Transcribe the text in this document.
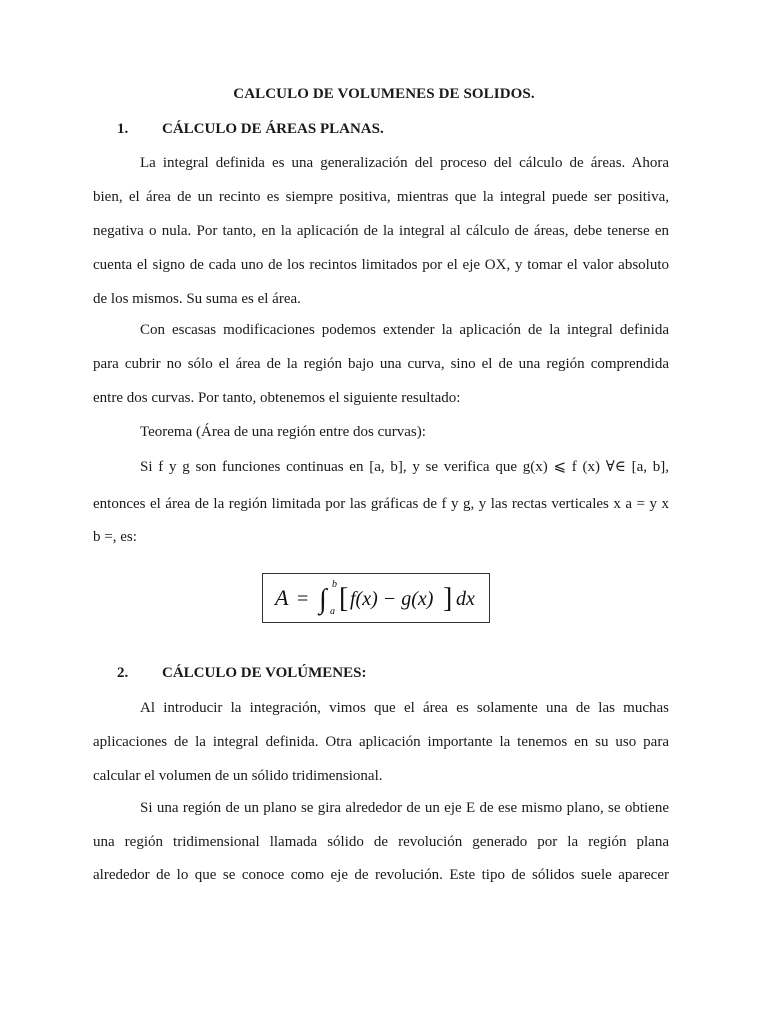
CALCULO DE VOLUMENES DE SOLIDOS.
1. CÁLCULO DE ÁREAS PLANAS.
La integral definida es una generalización del proceso del cálculo de áreas. Ahora
bien, el área de un recinto es siempre positiva, mientras que la integral puede ser positiva,
negativa o nula. Por tanto, en la aplicación de la integral al cálculo de áreas, debe tenerse en
cuenta el signo de cada uno de los recintos limitados por el eje OX, y tomar el valor absoluto
de los mismos. Su suma es el área.
Con escasas modificaciones podemos extender la aplicación de la integral definida
para cubrir no sólo el área de la región bajo una curva, sino el de una región comprendida
entre dos curvas. Por tanto, obtenemos el siguiente resultado:
Teorema (Área de una región entre dos curvas):
Si f y g son funciones continuas en [a, b], y se verifica que g(x) ⩽ f (x) ∀∈ [a, b],
entonces el área de la región limitada por las gráficas de f y g, y las rectas verticales x a = y x
b =, es:
A = ∫ b
a [ f(x) − g(x) ] dx
2. CÁLCULO DE VOLÚMENES:
Al introducir la integración, vimos que el área es solamente una de las muchas
aplicaciones de la integral definida. Otra aplicación importante la tenemos en su uso para
calcular el volumen de un sólido tridimensional.
Si una región de un plano se gira alrededor de un eje E de ese mismo plano, se obtiene
una región tridimensional llamada sólido de revolución generado por la región plana
alrededor de lo que se conoce como eje de revolución. Este tipo de sólidos suele aparecer
